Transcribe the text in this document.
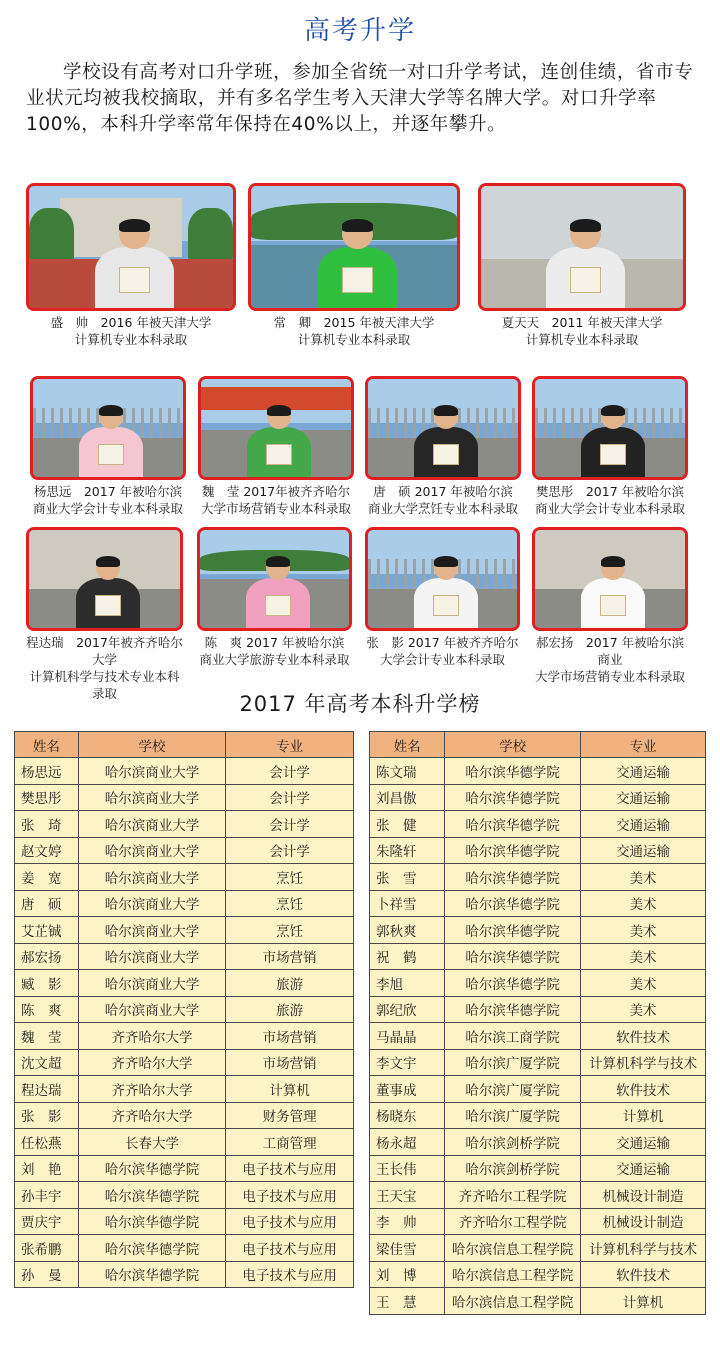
高考升学

学校设有高考对口升学班，参加全省统一对口升学考试，连创佳绩，省市专业状元均被我校摘取，并有多名学生考入天津大学等名牌大学。对口升学率100%，本科升学率常年保持在40%以上，并逐年攀升。

盛　帅　2016 年被天津大学
计算机专业本科录取
常　卿　2015 年被天津大学
计算机专业本科录取
夏天天　2011 年被天津大学
计算机专业本科录取
杨思远　2017 年被哈尔滨
商业大学会计专业本科录取
魏　莹 2017年被齐齐哈尔
大学市场营销专业本科录取
唐　硕 2017 年被哈尔滨
商业大学烹饪专业本科录取
樊思彤　2017 年被哈尔滨
商业大学会计专业本科录取
程达瑞　2017年被齐齐哈尔大学
计算机科学与技术专业本科录取
陈　爽 2017 年被哈尔滨
商业大学旅游专业本科录取
张　影 2017 年被齐齐哈尔
大学会计专业本科录取
郝宏扬　2017 年被哈尔滨商业
大学市场营销专业本科录取
2017 年高考本科升学榜
姓名	学校	专业
杨思远	哈尔滨商业大学	会计学
樊思彤	哈尔滨商业大学	会计学
张　琦	哈尔滨商业大学	会计学
赵文婷	哈尔滨商业大学	会计学
姜　宽	哈尔滨商业大学	烹饪
唐　硕	哈尔滨商业大学	烹饪
艾芷铖	哈尔滨商业大学	烹饪
郝宏扬	哈尔滨商业大学	市场营销
臧　影	哈尔滨商业大学	旅游
陈　爽	哈尔滨商业大学	旅游
魏　莹	齐齐哈尔大学	市场营销
沈文超	齐齐哈尔大学	市场营销
程达瑞	齐齐哈尔大学	计算机
张　影	齐齐哈尔大学	财务管理
任松燕	长春大学	工商管理
刘　艳	哈尔滨华德学院	电子技术与应用
孙丰宇	哈尔滨华德学院	电子技术与应用
贾庆宇	哈尔滨华德学院	电子技术与应用
张希鹏	哈尔滨华德学院	电子技术与应用
孙　曼	哈尔滨华德学院	电子技术与应用
姓名	学校	专业
陈文瑞	哈尔滨华德学院	交通运输
刘昌傲	哈尔滨华德学院	交通运输
张　健	哈尔滨华德学院	交通运输
朱隆轩	哈尔滨华德学院	交通运输
张　雪	哈尔滨华德学院	美术
卜祥雪	哈尔滨华德学院	美术
郭秋爽	哈尔滨华德学院	美术
祝　鹤	哈尔滨华德学院	美术
李旭	哈尔滨华德学院	美术
郭纪欣	哈尔滨华德学院	美术
马晶晶	哈尔滨工商学院	软件技术
李文宇	哈尔滨广厦学院	计算机科学与技术
董事成	哈尔滨广厦学院	软件技术
杨晓东	哈尔滨广厦学院	计算机
杨永超	哈尔滨剑桥学院	交通运输
王长伟	哈尔滨剑桥学院	交通运输
王天宝	齐齐哈尔工程学院	机械设计制造
李　帅	齐齐哈尔工程学院	机械设计制造
梁佳雪	哈尔滨信息工程学院	计算机科学与技术
刘　博	哈尔滨信息工程学院	软件技术
王　慧	哈尔滨信息工程学院	计算机
